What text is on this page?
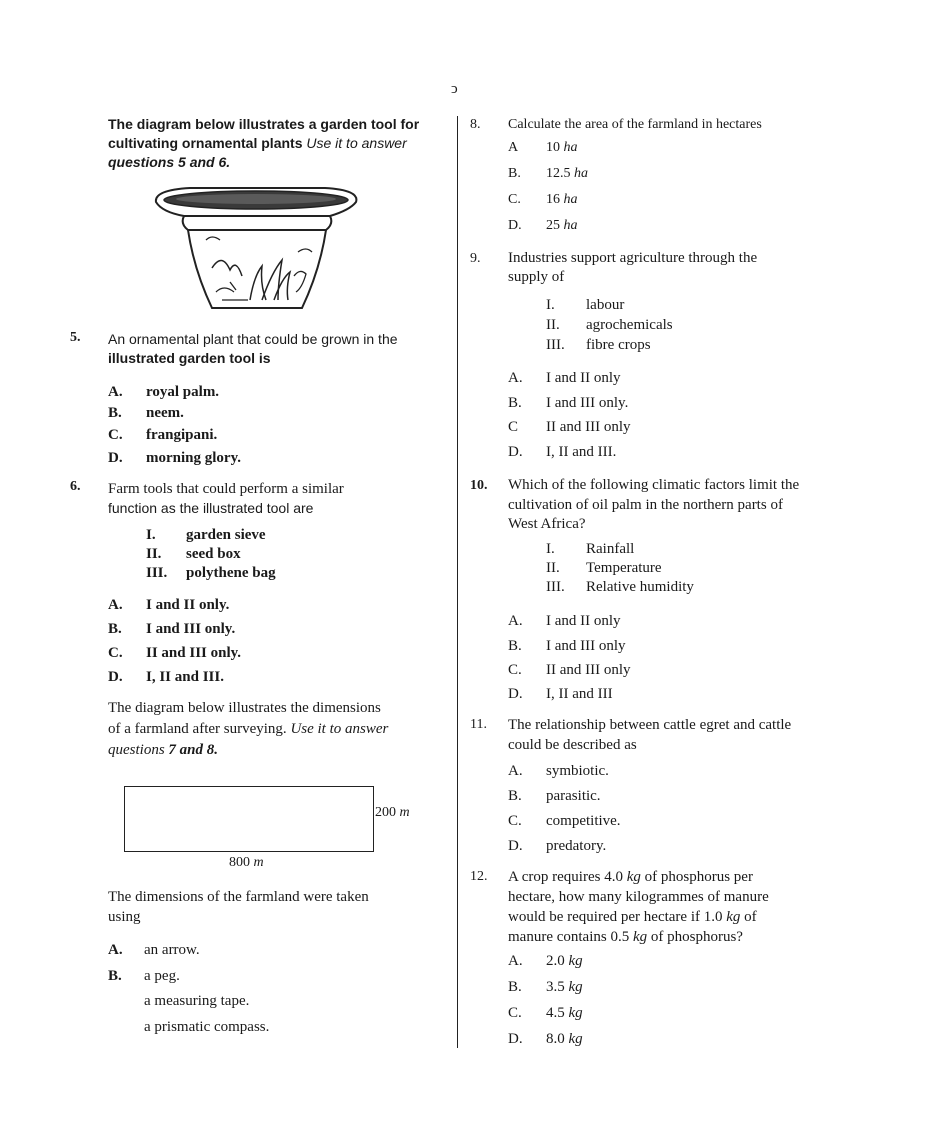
ↄ
The diagram below illustrates a garden tool for
cultivating ornamental plants Use it to answer
questions 5 and 6.
5. An ornamental plant that could be grown in the
illustrated garden tool is
A.	royal palm.
B.	neem.
C.	frangipani.
D.	morning glory.
6. Farm tools that could perform a similar
function as the illustrated tool are
I. garden sieve
II. seed box
III. polythene bag
A.	I and II only.
B.	I and III only.
C.	II and III only.
D.	I, II and III.
The diagram below illustrates the dimensions
of a farmland after surveying. Use it to answer
questions 7 and 8.
200 m
800 m
The dimensions of the farmland were taken
using
A.	an arrow.
B.	a peg.
a measuring tape.
a prismatic compass.
8. Calculate the area of the farmland in hectares
A	10 ha
B.	12.5 ha
C.	16 ha
D.	25 ha
9. Industries support agriculture through the
supply of
I. labour
II. agrochemicals
III. fibre crops
A.	I and II only
B.	I and III only.
C	II and III only
D.	I, II and III.
10. Which of the following climatic factors limit the
cultivation of oil palm in the northern parts of
West Africa?
I. Rainfall
II. Temperature
III. Relative humidity
A.	I and II only
B.	I and III only
C.	II and III only
D.	I, II and III
11. The relationship between cattle egret and cattle
could be described as
A.	symbiotic.
B.	parasitic.
C.	competitive.
D.	predatory.
12. A crop requires 4.0 kg of phosphorus per
hectare, how many kilogrammes of manure
would be required per hectare if 1.0 kg of
manure contains 0.5 kg of phosphorus?
A.	2.0 kg
B.	3.5 kg
C.	4.5 kg
D.	8.0 kg
